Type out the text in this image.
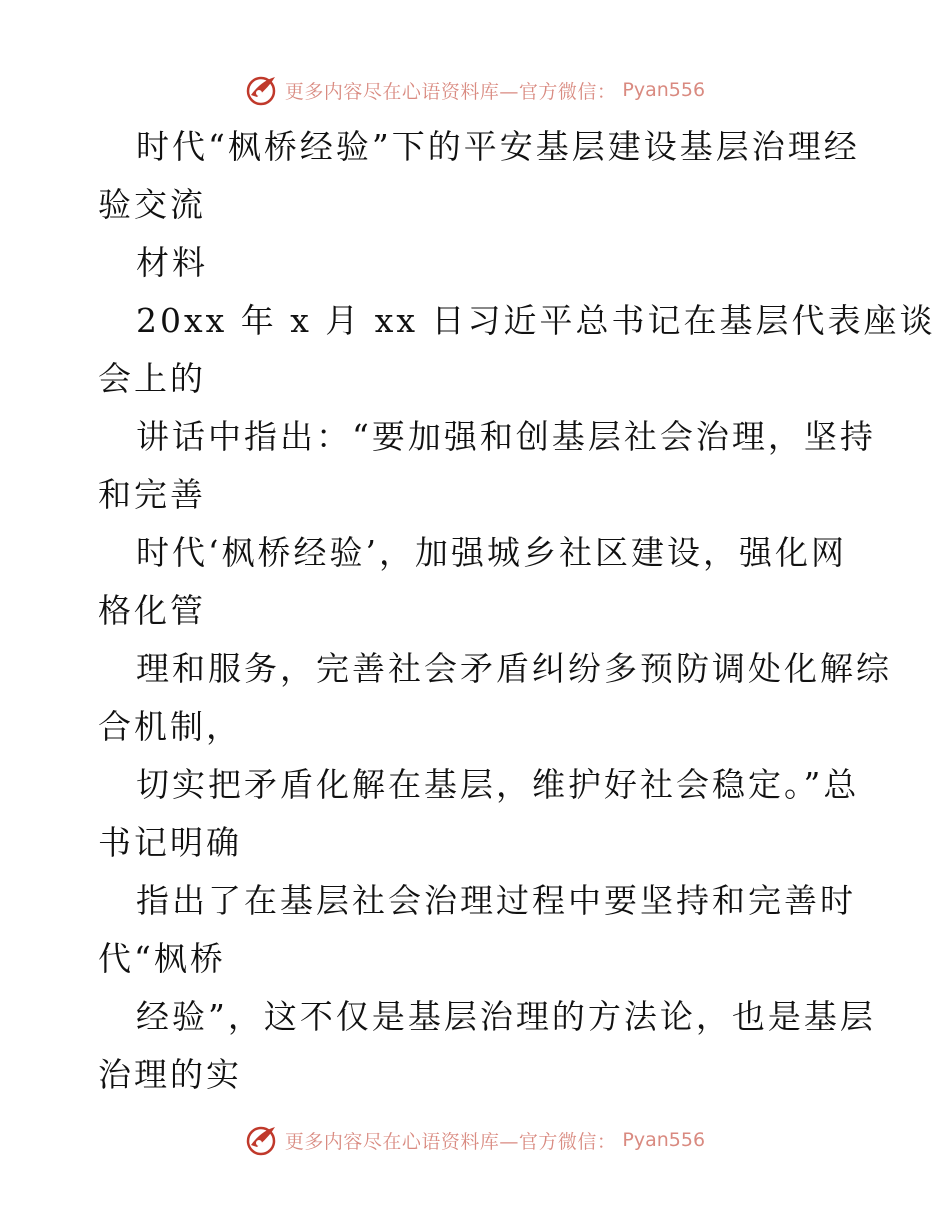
更多内容尽在心语资料库—官方微信： Pyan556
时代“枫桥经验”下的平安基层建设基层治理经
验交流
材料
20xx 年 x 月 xx 日习近平总书记在基层代表座谈
会上的
讲话中指出：“要加强和创基层社会治理，坚持
和完善
时代‘枫桥经验’，加强城乡社区建设，强化网
格化管
理和服务，完善社会矛盾纠纷多预防调处化解综
合机制，
切实把矛盾化解在基层，维护好社会稳定。”总
书记明确
指出了在基层社会治理过程中要坚持和完善时
代“枫桥
经验”，这不仅是基层治理的方法论，也是基层
治理的实
更多内容尽在心语资料库—官方微信： Pyan556
